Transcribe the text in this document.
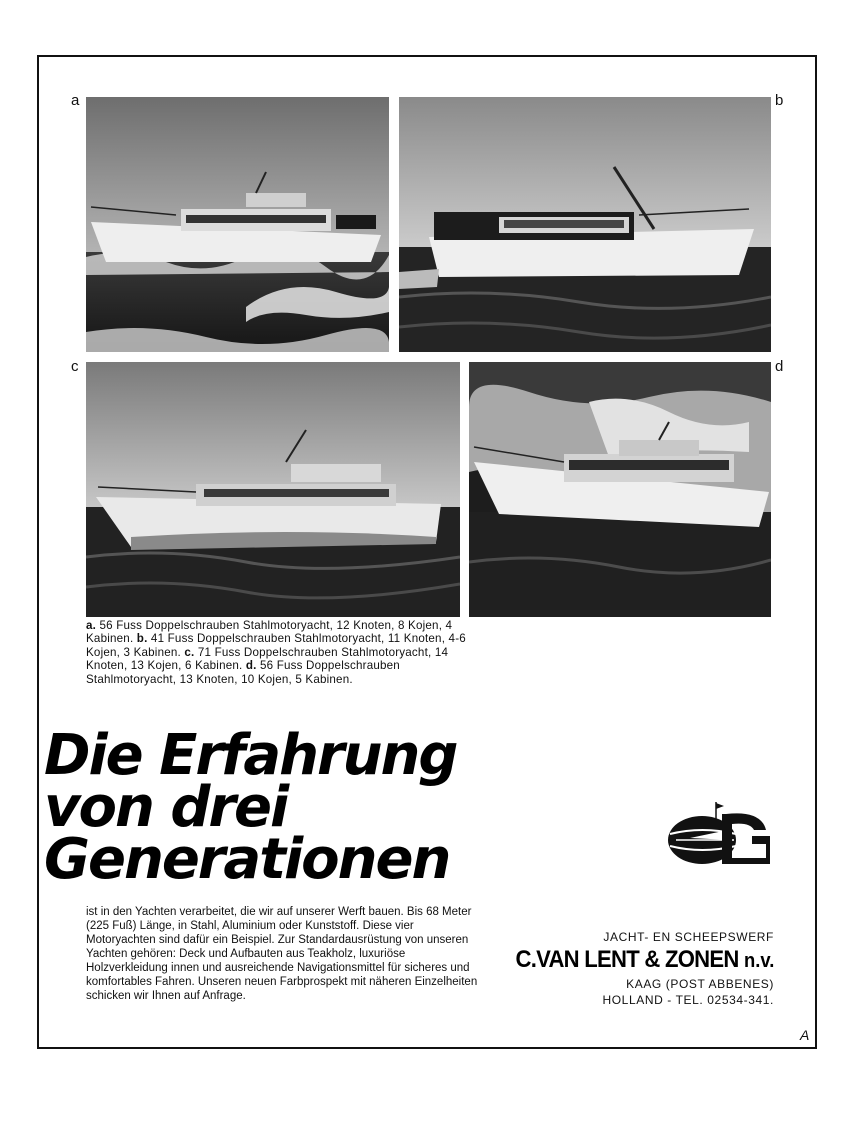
a	b
c	d
a. 56 Fuss Doppelschrauben Stahlmotoryacht, 12 Knoten, 8 Kojen, 4 Kabinen. b. 41 Fuss Doppelschrauben Stahlmotoryacht, 11 Knoten, 4-6 Kojen, 3 Kabinen. c. 71 Fuss Doppelschrauben Stahlmotoryacht, 14 Knoten, 13 Kojen, 6 Kabinen. d. 56 Fuss Doppelschrauben Stahlmotoryacht, 13 Knoten, 10 Kojen, 5 Kabinen.
Die Erfahrung
von drei
Generationen
ist in den Yachten verarbeitet, die wir auf unserer Werft bauen. Bis 68 Meter (225 Fuß) Länge, in Stahl, Aluminium oder Kunststoff. Diese vier Motoryachten sind dafür ein Beispiel. Zur Standardausrüstung von unseren Yachten gehören: Deck und Aufbauten aus Teakholz, luxuriöse Holzverkleidung innen und ausreichende Navigationsmittel für sicheres und komfortables Fahren. Unseren neuen Farbprospekt mit näheren Einzelheiten schicken wir Ihnen auf Anfrage.
JACHT- EN SCHEEPSWERF
C.VAN LENT & ZONEN n.v.
KAAG (POST ABBENES)
HOLLAND - TEL. 02534-341.
A
